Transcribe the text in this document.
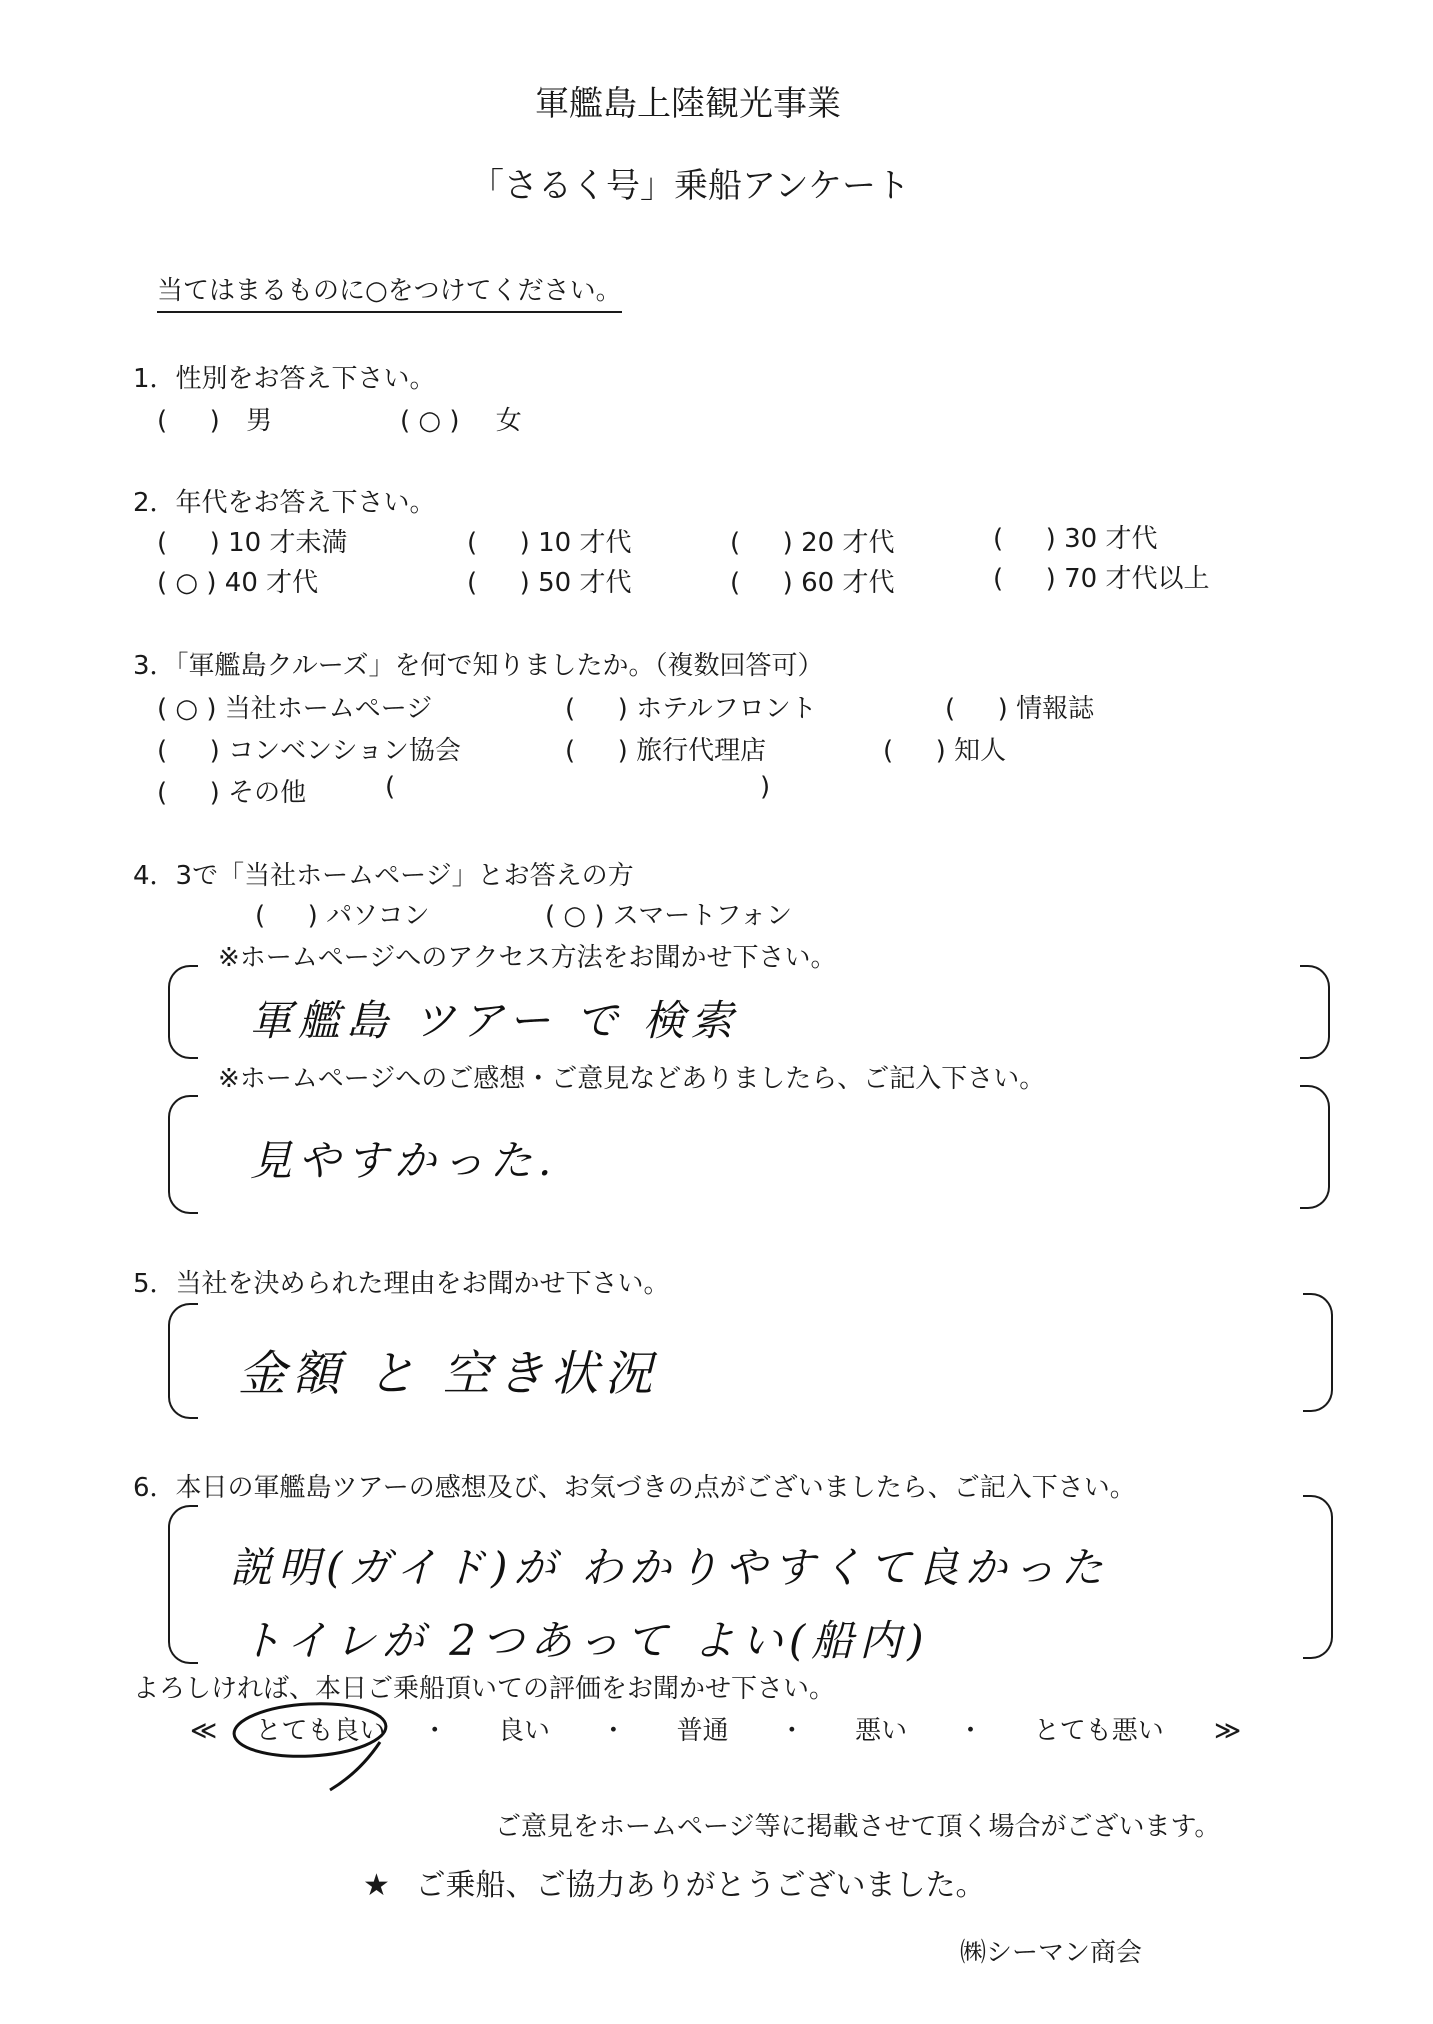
軍艦島上陸観光事業
「さるく号」乗船アンケート
当てはまるものに○をつけてください。
1．性別をお答え下さい。
( 　 ) 男	( ○ ) 女
2．年代をお答え下さい。
( 　 ) 10 才未満	( 　 ) 10 才代	( 　 ) 20 才代	( 　 ) 30 才代
( ○ ) 40 才代	( 　 ) 50 才代	( 　 ) 60 才代	( 　 ) 70 才代以上
3．「軍艦島クルーズ」を何で知りましたか。（複数回答可）
( ○ ) 当社ホームページ	( 　 ) ホテルフロント	( 　 ) 情報誌
( 　 ) コンベンション協会	( 　 ) 旅行代理店	( 　 ) 知人
( 　 ) その他	(	)
4．3で「当社ホームページ」とお答えの方
( 　 ) パソコン	( ○ ) スマートフォン
※ホームページへのアクセス方法をお聞かせ下さい。
軍艦島 ツアー で 検索
※ホームページへのご感想・ご意見などありましたら、ご記入下さい。
見やすかった.
5．当社を決められた理由をお聞かせ下さい。
金額 と 空き状況
6．本日の軍艦島ツアーの感想及び、お気づきの点がございましたら、ご記入下さい。
説明(ガイド)が わかりやすくて良かった
トイレが 2つあって よい(船内)
よろしければ、本日ご乗船頂いての評価をお聞かせ下さい。
≪ とても良い ・ 良い ・ 普通 ・ 悪い ・ とても悪い ≫
ご意見をホームページ等に掲載させて頂く場合がございます。
★ ご乗船、ご協力ありがとうございました。
㈱シーマン商会
